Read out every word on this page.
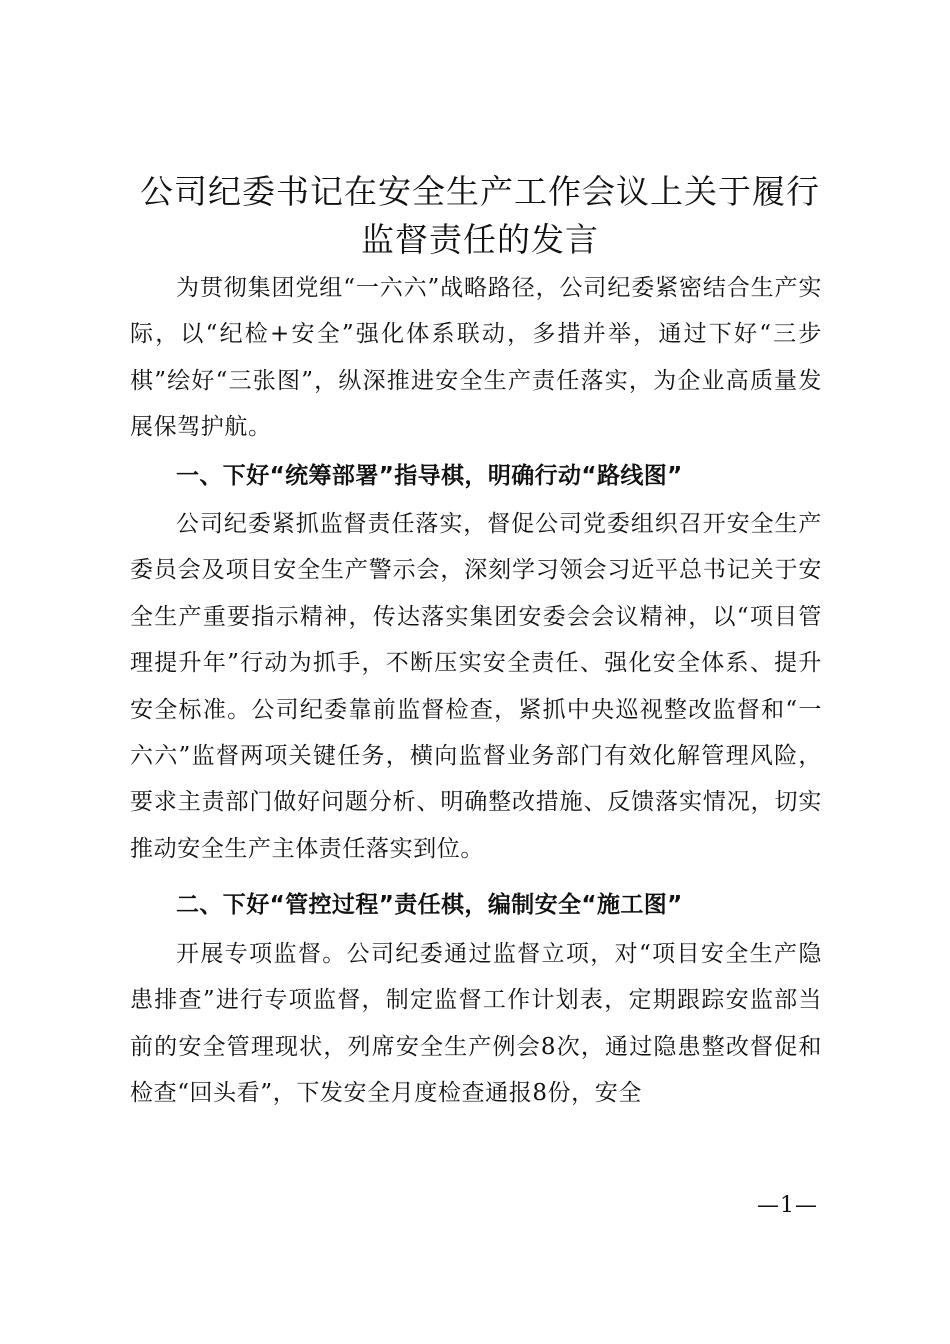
公司纪委书记在安全生产工作会议上关于履行
监督责任的发言

为贯彻集团党组“一六六”战略路径，公司纪委紧密结合生产实际，以“纪检+安全”强化体系联动，多措并举，通过下好“三步棋”绘好“三张图”，纵深推进安全生产责任落实，为企业高质量发展保驾护航。

一、下好“统筹部署”指导棋，明确行动“路线图”

公司纪委紧抓监督责任落实，督促公司党委组织召开安全生产委员会及项目安全生产警示会，深刻学习领会习近平总书记关于安全生产重要指示精神，传达落实集团安委会会议精神，以“项目管理提升年”行动为抓手，不断压实安全责任、强化安全体系、提升安全标准。公司纪委靠前监督检查，紧抓中央巡视整改监督和“一六六”监督两项关键任务，横向监督业务部门有效化解管理风险，要求主责部门做好问题分析、明确整改措施、反馈落实情况，切实推动安全生产主体责任落实到位。

二、下好“管控过程”责任棋，编制安全“施工图”

开展专项监督。公司纪委通过监督立项，对“项目安全生产隐患排查”进行专项监督，制定监督工作计划表，定期跟踪安监部当前的安全管理现状，列席安全生产例会8次，通过隐患整改督促和检查“回头看”，下发安全月度检查通报8份，安全

—1—
